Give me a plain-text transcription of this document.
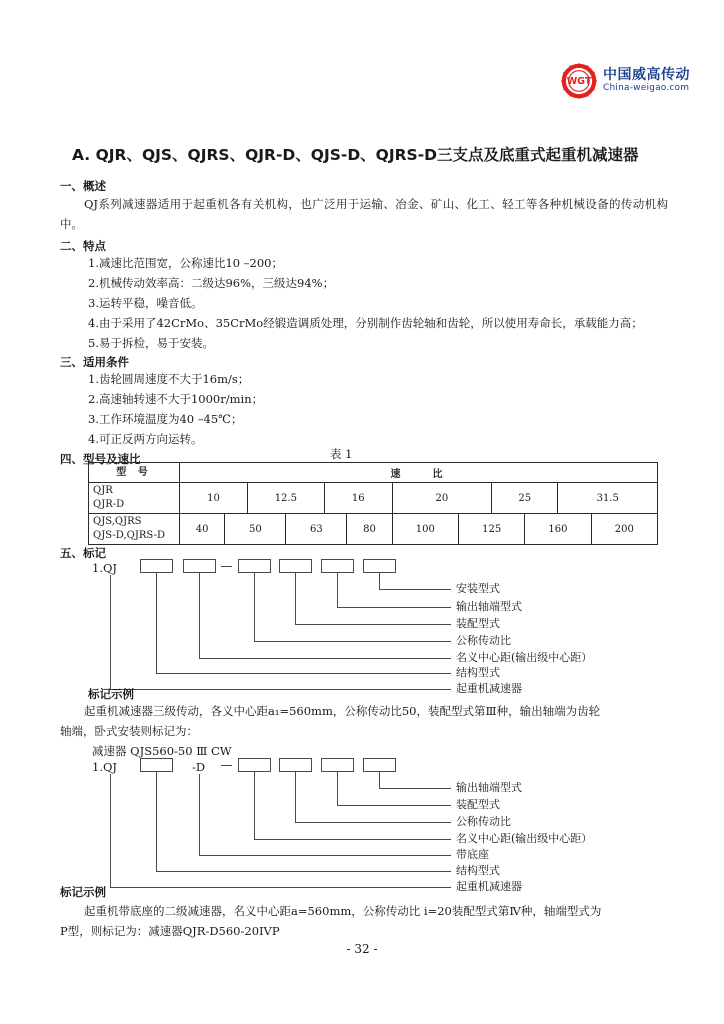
WGT 中国威高传动
China-weigao.com
A. QJR、QJS、QJRS、QJR-D、QJS-D、QJRS-D三支点及底重式起重机减速器
一、概述
QJ系列减速器适用于起重机各有关机构，也广泛用于运输、冶金、矿山、化工、轻工等各种机械设备的传动机构中。
二、特点
1.减速比范围宽，公称速比10 –200；
2.机械传动效率高：二级达96%，三级达94%；
3.运转平稳，噪音低。
4.由于采用了42CrMo、35CrMo经锻造调质处理，分别制作齿轮轴和齿轮，所以使用寿命长，承载能力高；
5.易于拆检，易于安装。
三、适用条件
1.齿轮圆周速度不大于16m/s；
2.高速轴转速不大于1000r/min；
3.工作环境温度为40 –45℃；
4.可正反两方向运转。
四、型号及速比	表 1
型 号	速　　比											

QJR
QJR-D	10		12.5		16		20		25		31.5	

QJS,QJRS
QJS-D,QJRS-D	40	50		63		80	100	125		160		200
五、标记
1.QJ
安装型式
输出轴端型式
装配型式
公称传动比
名义中心距(输出级中心距）
结构型式
起重机减速器
标记示例
起重机减速器三级传动，各义中心距a₁=560mm，公称传动比50，装配型式第Ⅲ种，输出轴端为齿轮
轴端，卧式安装则标记为：
减速器 QJS560-50 Ⅲ CW
1.QJ	-D
输出轴端型式
装配型式
公称传动比
名义中心距(输出级中心距）
带底座
结构型式
起重机减速器
标记示例
起重机带底座的二级减速器，名义中心距a=560mm，公称传动比 i=20装配型式第Ⅳ种，轴端型式为
P型，则标记为：减速器QJR-D560-20IVP
- 32 -
